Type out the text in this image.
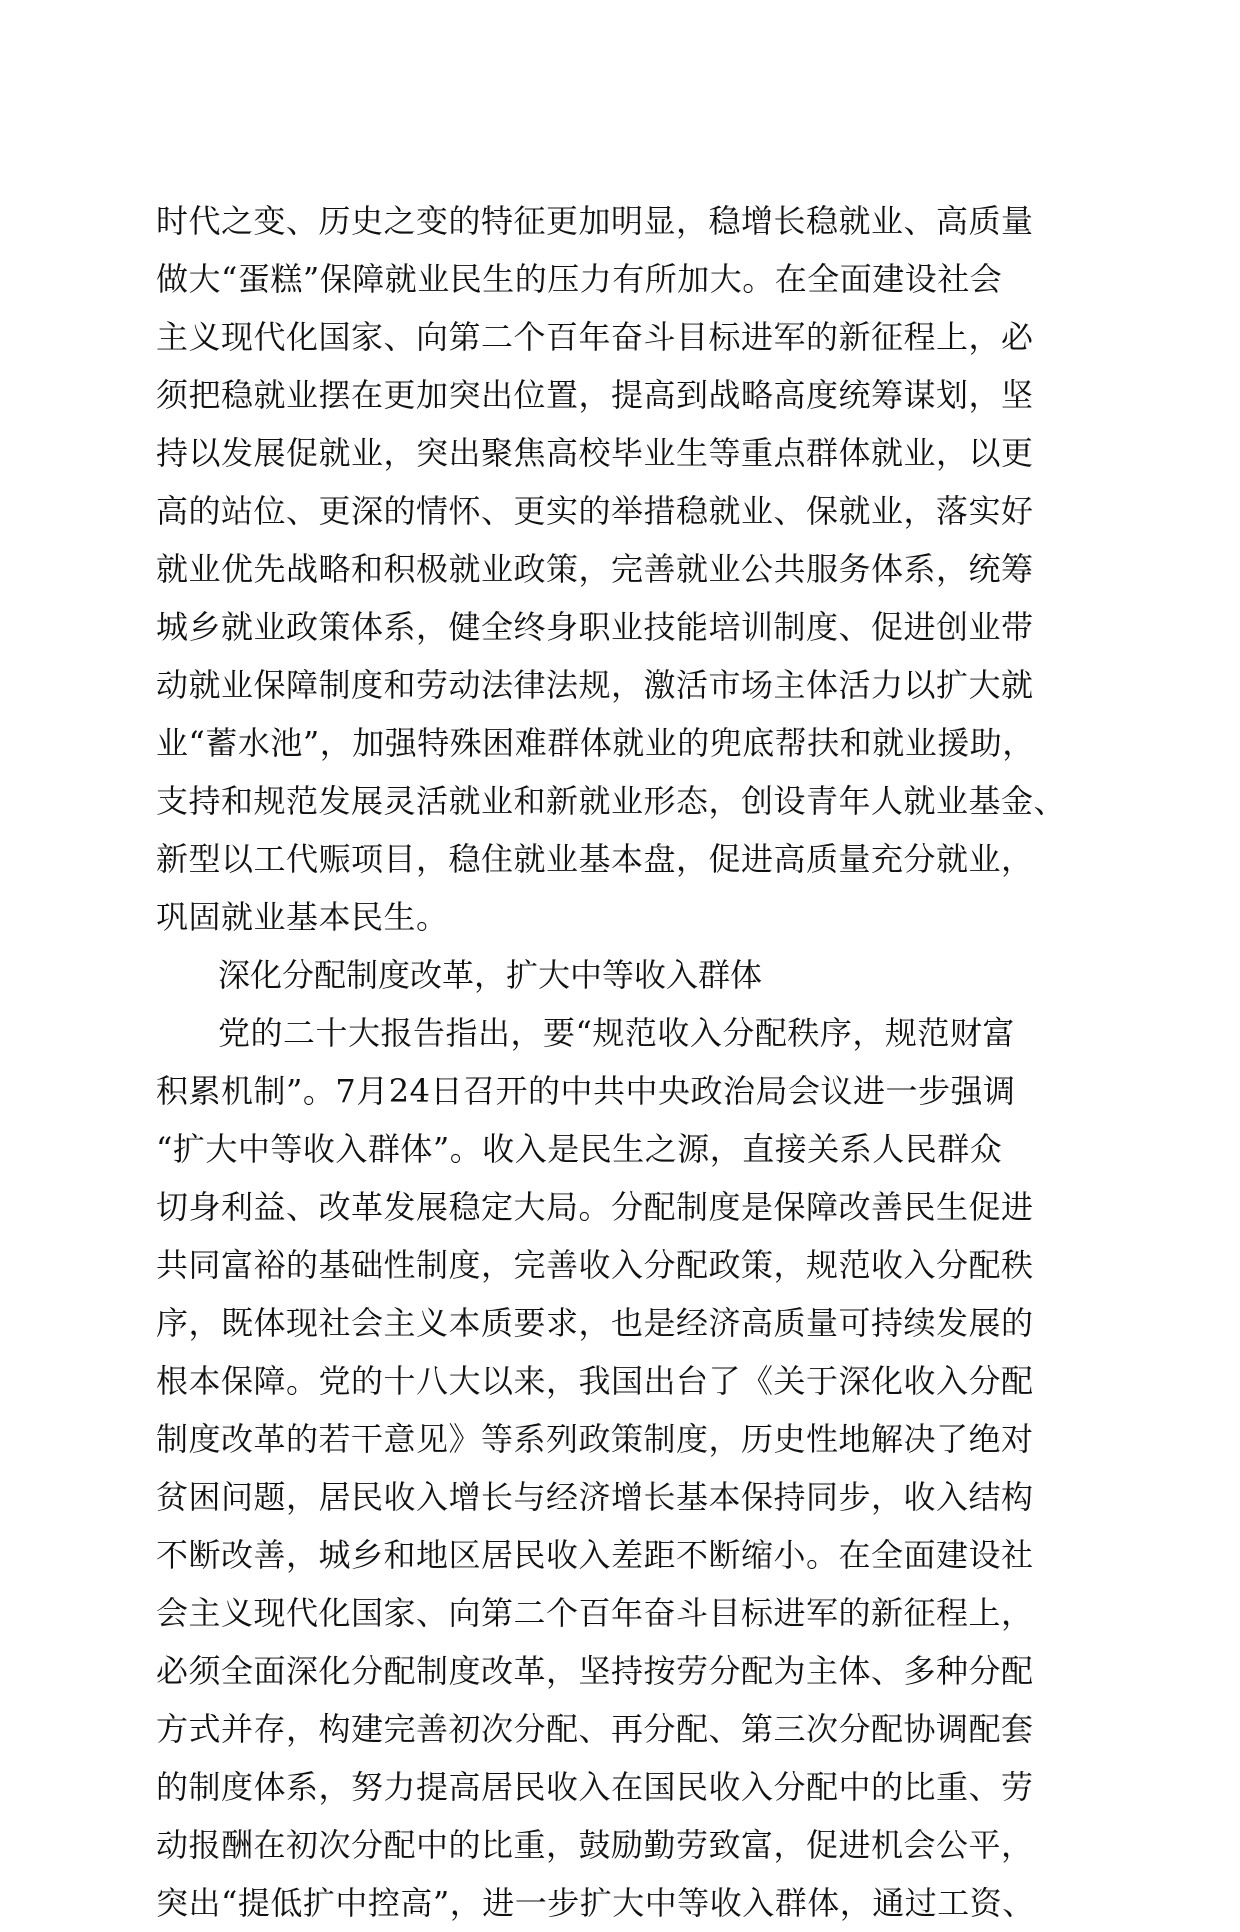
时代之变、历史之变的特征更加明显，稳增长稳就业、高质量
做大“蛋糕”保障就业民生的压力有所加大。在全面建设社会
主义现代化国家、向第二个百年奋斗目标进军的新征程上，必
须把稳就业摆在更加突出位置，提高到战略高度统筹谋划，坚
持以发展促就业，突出聚焦高校毕业生等重点群体就业，以更
高的站位、更深的情怀、更实的举措稳就业、保就业，落实好
就业优先战略和积极就业政策，完善就业公共服务体系，统筹
城乡就业政策体系，健全终身职业技能培训制度、促进创业带
动就业保障制度和劳动法律法规，激活市场主体活力以扩大就
业“蓄水池”，加强特殊困难群体就业的兜底帮扶和就业援助，
支持和规范发展灵活就业和新就业形态，创设青年人就业基金、
新型以工代赈项目，稳住就业基本盘，促进高质量充分就业，
巩固就业基本民生。
深化分配制度改革，扩大中等收入群体
党的二十大报告指出，要“规范收入分配秩序，规范财富
积累机制”。7月24日召开的中共中央政治局会议进一步强调
“扩大中等收入群体”。收入是民生之源，直接关系人民群众
切身利益、改革发展稳定大局。分配制度是保障改善民生促进
共同富裕的基础性制度，完善收入分配政策，规范收入分配秩
序，既体现社会主义本质要求，也是经济高质量可持续发展的
根本保障。党的十八大以来，我国出台了《关于深化收入分配
制度改革的若干意见》等系列政策制度，历史性地解决了绝对
贫困问题，居民收入增长与经济增长基本保持同步，收入结构
不断改善，城乡和地区居民收入差距不断缩小。在全面建设社
会主义现代化国家、向第二个百年奋斗目标进军的新征程上，
必须全面深化分配制度改革，坚持按劳分配为主体、多种分配
方式并存，构建完善初次分配、再分配、第三次分配协调配套
的制度体系，努力提高居民收入在国民收入分配中的比重、劳
动报酬在初次分配中的比重，鼓励勤劳致富，促进机会公平，
突出“提低扩中控高”，进一步扩大中等收入群体，通过工资、
